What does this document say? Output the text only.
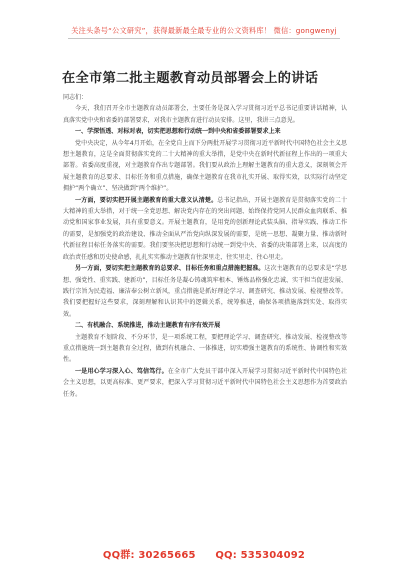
关注头条号“公文研究”，获得最新最全最专业的公文资料库！ 微信：gongwenyj
在全市第二批主题教育动员部署会上的讲话

同志们：

今天，我们召开全市主题教育动员部署会，主要任务是深入学习贯彻习近平总书记重要讲话精神，认真落实党中央和省委的部署要求，对我市主题教育进行动员安排。这里，我讲三点意见。

一、学深悟透、对标对表，切实把思想和行动统一到中央和省委部署要求上来

党中央决定，从今年4月开始，在全党自上而下分两批开展学习贯彻习近平新时代中国特色社会主义思想主题教育，这是全面贯彻落实党的二十大精神的重大举措，是党中央在新时代新征程上作出的一项重大部署。省委高度重视，对主题教育作出专题部署。我们要从政治上理解主题教育的重大意义，深刻领会开展主题教育的总要求、目标任务和重点措施，确保主题教育在我市扎实开展、取得实效，以实际行动坚定拥护“两个确立”、坚决做到“两个维护”。

一方面，要切实把开展主题教育的重大意义认清楚。总书记指出，开展主题教育是贯彻落实党的二十大精神的重大举措，对于统一全党思想、解决党内存在的突出问题、始终保持党同人民群众血肉联系、推动党和国家事业发展，具有重要意义。开展主题教育，是用党的创新理论武装头脑、指导实践、推动工作的需要，是加强党的政治建设、推动全面从严治党向纵深发展的需要，是统一思想、凝聚力量、推动新时代新征程目标任务落实的需要。我们要坚决把思想和行动统一到党中央、省委的决策部署上来，以高度的政治责任感和历史使命感，扎扎实实推动主题教育往深里走、往实里走、往心里走。

另一方面，要切实把主题教育的总要求、目标任务和重点措施把握准。这次主题教育的总要求是“学思想、强党性、重实践、建新功”，目标任务是凝心铸魂筑牢根本、锤炼品格强化忠诚、实干担当促进发展、践行宗旨为民造福、廉洁奉公树立新风，重点措施是抓好理论学习、调查研究、推动发展、检视整改等。我们要把握好这些要求，深刻理解和认识其中的逻辑关系，统筹推进，确保各项措施落到实处、取得实效。

二、有机融合、系统推进，推动主题教育有序有效开展

主题教育不划阶段、不分环节，是一项系统工程，要把理论学习、调查研究、推动发展、检视整改等重点措施统一到主题教育全过程，做到有机融合、一体推进，切实增强主题教育的系统性、协调性和实效性。

一是用心学习深入心、笃信笃行。在全市广大党员干部中深入开展学习贯彻习近平新时代中国特色社会主义思想，以更高标准、更严要求，把深入学习贯彻习近平新时代中国特色社会主义思想作为首要政治任务。

QQ群: 30265665 QQ: 535304092
